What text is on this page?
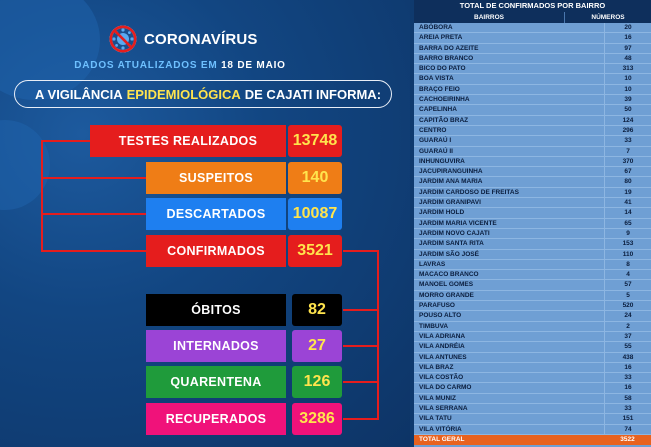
CORONAVÍRUS
DADOS ATUALIZADOS EM 18 DE MAIO
A VIGILÂNCIA EPIDEMIOLÓGICA DE CAJATI INFORMA:
TESTES REALIZADOS	13748
SUSPEITOS	140
DESCARTADOS	10087
CONFIRMADOS	3521
ÓBITOS	82
INTERNADOS	27
QUARENTENA	126
RECUPERADOS	3286
TOTAL DE CONFIRMADOS POR BAIRRO
BAIRROS	NÚMEROS
ABÓBORA	20
AREIA PRETA	16
BARRA DO AZEITE	97
BARRO BRANCO	48
BICO DO PATO	313
BOA VISTA	10
BRAÇO FEIO	10
CACHOEIRINHA	39
CAPELINHA	50
CAPITÃO BRAZ	124
CENTRO	296
GUARAÚ I	33
GUARAÚ II	7
INHUNGUVIRA	370
JACUPIRANGUINHA	67
JARDIM ANA MARIA	80
JARDIM CARDOSO DE FREITAS	19
JARDIM GRANIPAVI	41
JARDIM HOLD	14
JARDIM MARIA VICENTE	65
JARDIM NOVO CAJATI	9
JARDIM SANTA RITA	153
JARDIM SÃO JOSÉ	110
LAVRAS	8
MACACO BRANCO	4
MANOEL GOMES	57
MORRO GRANDE	5
PARAFUSO	520
POUSO ALTO	24
TIMBUVA	2
VILA ADRIANA	37
VILA ANDRÉIA	55
VILA ANTUNES	438
VILA BRAZ	16
VILA COSTÃO	33
VILA DO CARMO	16
VILA MUNIZ	58
VILA SERRANA	33
VILA TATU	151
VILA VITÓRIA	74
TOTAL GERAL	3522
